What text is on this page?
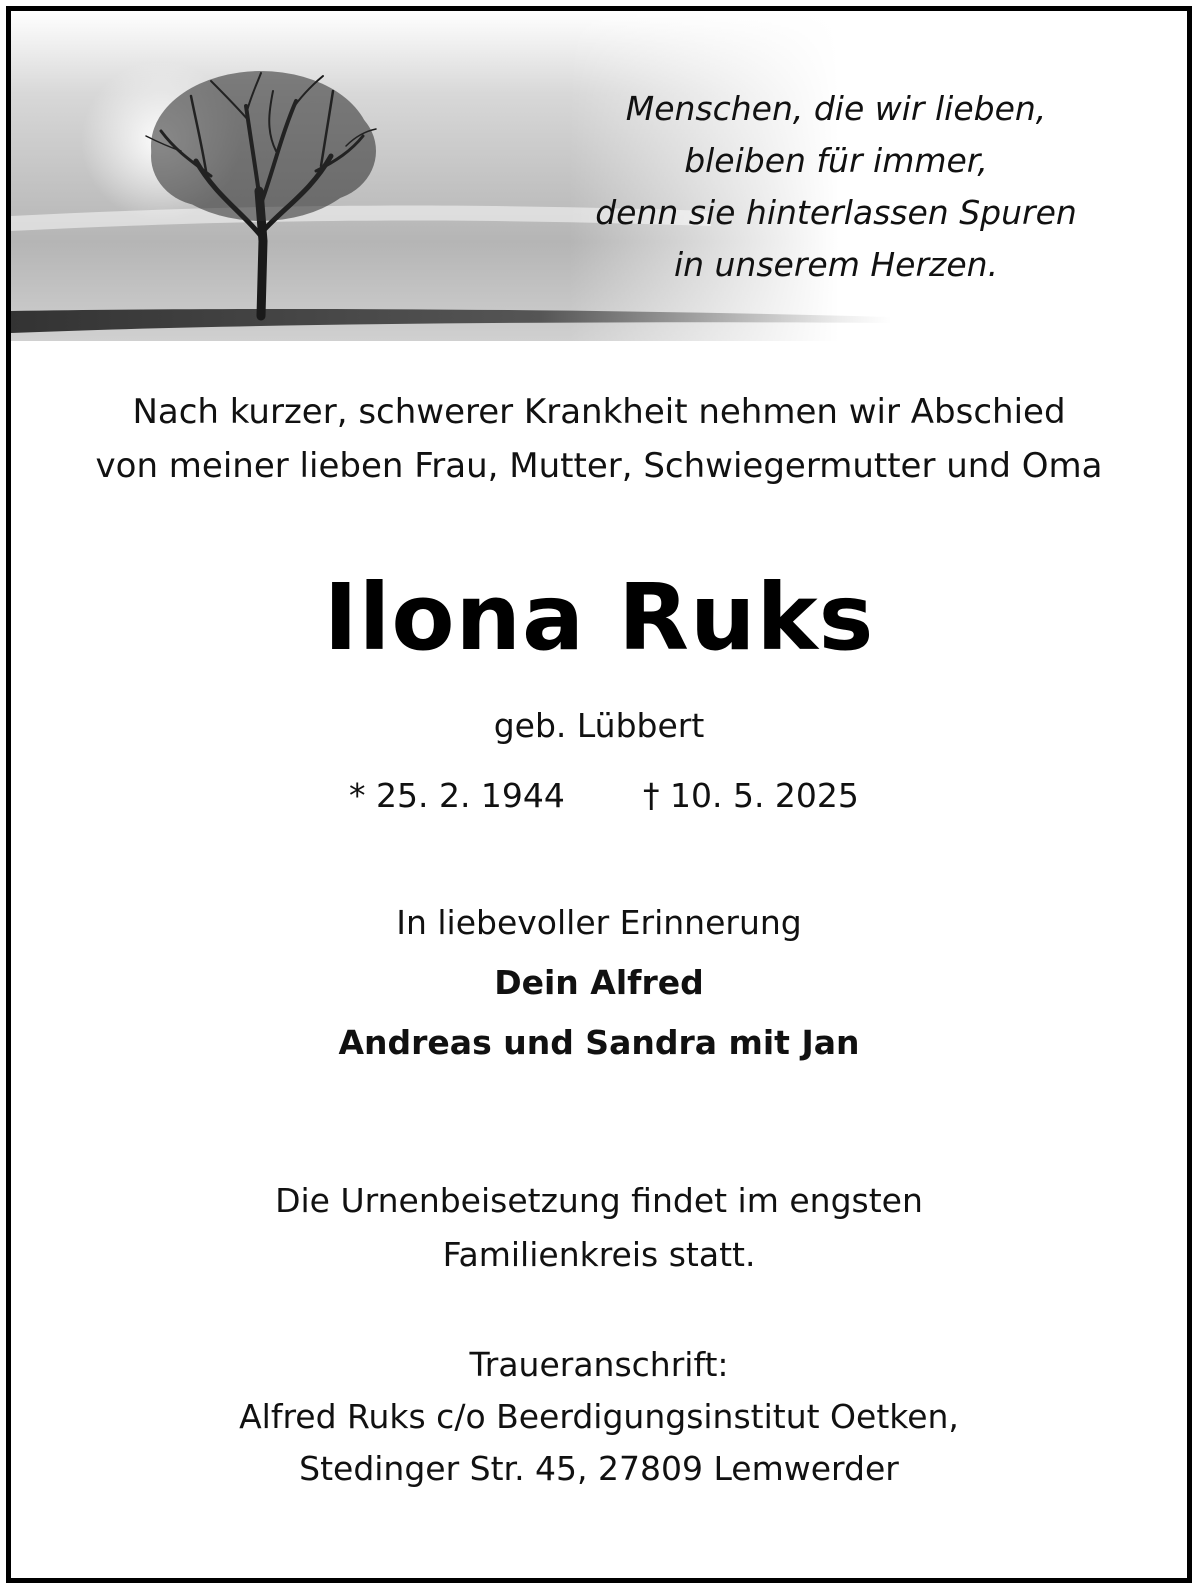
Menschen, die wir lieben,
bleiben für immer,
denn sie hinterlassen Spuren
in unserem Herzen.
Nach kurzer, schwerer Krankheit nehmen wir Abschied
von meiner lieben Frau, Mutter, Schwiegermutter und Oma
Ilona Ruks
geb. Lübbert
* 25. 2. 1944 † 10. 5. 2025
In liebevoller Erinnerung
Dein Alfred
Andreas und Sandra mit Jan
Die Urnenbeisetzung findet im engsten
Familienkreis statt.
Traueranschrift:
Alfred Ruks c/o Beerdigungsinstitut Oetken,
Stedinger Str. 45, 27809 Lemwerder
